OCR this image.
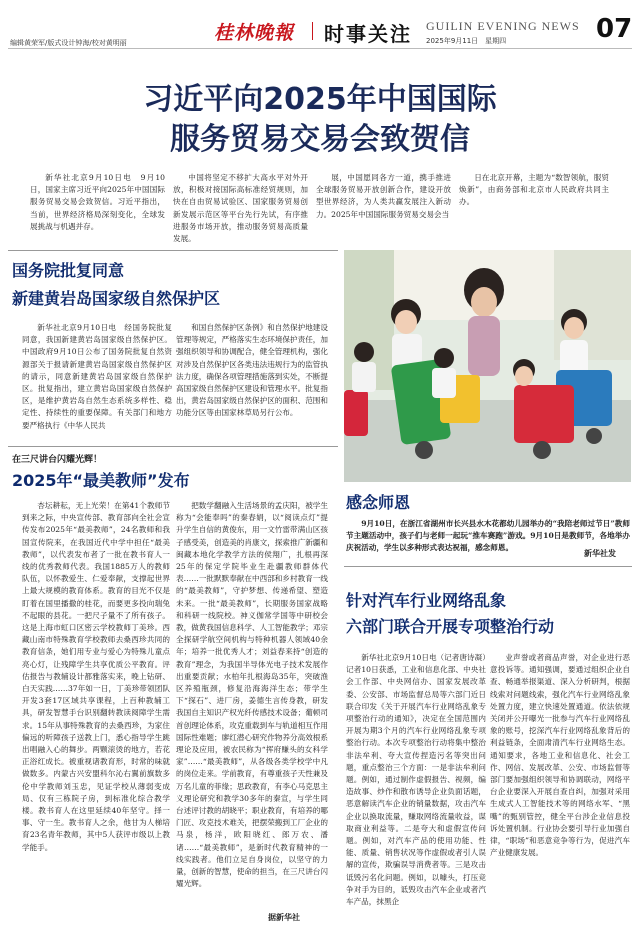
编辑黄荣军/版式设计钟海/校对黄明丽	桂林晚報 时事关注 GUILIN EVENING NEWS
2025年9月11日　星期四	07
习近平向2025年中国国际
服务贸易交易会致贺信

新华社北京9月10日电　9月10日，国家主席习近平向2025年中国国际服务贸易交易会致贺信。习近平指出，当前，世界经济格局深刻变化，全球发展挑战与机遇并存。

中国将坚定不移扩大高水平对外开放，积极对接国际高标准经贸规则，加快在自由贸易试验区、国家服务贸易创新发展示范区等平台先行先试，有序推进服务市场开放，推动服务贸易高质量发展。

展，中国愿同各方一道，携手推进全球服务贸易开放创新合作，建设开放型世界经济，为人类共赢发展注入新动力。2025年中国国际服务贸易交易会当

日在北京开幕，主题为“数智领航，服贸焕新”，由商务部和北京市人民政府共同主办。

国务院批复同意
新建黄岩岛国家级自然保护区

新华社北京9月10日电　经国务院批复同意，我国新建黄岩岛国家级自然保护区。中国政府9月10日公布了国务院批复自然资源部关于报请新建黄岩岛国家级自然保护区的请示，同意新建黄岩岛国家级自然保护区。批复指出，建立黄岩岛国家级自然保护区，是维护黄岩岛自然生态系统多样性、稳定性、持续性的重要保障。有关部门和地方要严格执行《中华人民共

和国自然保护区条例》和自然保护地建设管理等规定，严格落实生态环境保护责任，加强组织领导和协调配合，健全管理机构，强化对涉及自然保护区各类违法违规行为的监管执法力度，确保各项管理措施落到实处，不断提高国家级自然保护区建设和管理水平。批复指出，黄岩岛国家级自然保护区的面积、范围和功能分区等由国家林草局另行公布。

在三尺讲台闪耀光辉！
2025年“最美教师”发布

杏坛耕耘，无上光荣！在第41个教师节到来之际，中央宣传部、教育部向全社会宣传发布2025年“最美教师”，24名教师和我国宣传院来，在我国近代中学中担任“最美教师”，以代表发布者了一批在教书育人一线的优秀教师代表。我国1885万人的教师队伍，以怀教爱生、仁爱奉献，支撑起世界上最大规模的教育体系。教育的目光不仅是盯着在国里播撒的桂花，而要更多投向瑞兔不起眼的县花。一把尺子量不了所有孩子。这是上海市虹口区密云学校教师丁美珍。西藏山南市特殊教育学校教师去桑西珍共同的教育信条，她们用专业与爱心为特殊儿童点亮心灯，让残障学生共享优质公平教育。评估报告与教辅设计都雅落实来，晚上钻研、白天实践……37年如一日，丁美珍带领团队开发3套17区域共享课程，上百种教辅工具，研发智慧手台识别翻转教读阅障学生需求。15年从事特殊教育的去桑西珍，为家住偏远的听障孩子送教上门，悉心指导学生跳出唱融入心的舞步。两颗滚烫的地方，若花正浴红成长。被重视诸教育形，时常的味就做数多。内蒙古兴安盟科尔沁右翼前旗数多伦中学教师刘玉忠，见证学校从薄弱变成局、仅有三栋院子房，到标准化综合教学楼。教书育人在这里延续40年坚守。择一事、守一生。教书育人之余，他甘为人梯培育23名青年教师，其中5人获评市级以上教学能手。

把数学翻融入生活场景的孟庆阳，被学生称为“会能奉吗”的秦春娟，以“阅读点灯”提升学生自信的黄俊东，用一文竹雷带满山区孩子感受美，创造美的肖康文，探索推广新疆和闽藏本地化学教学方法的侯翔广，扎根再深25年的保定学院毕业生赴疆教师群体代表……一批默默奉献在中西部和乡村教育一线的“最美教师”，守护梦想、传递希望、塑造未来。一批“最美教师”，长期服务国家战略和科研一线院校。神义伽常学国等中研校会教，做黄我国信息科学、人工智能教学；邓宗全探研学航空间机构与特种机器人领域40余年；培养一批优秀人才；刘益春来持“创造的教育”理念，为我国半导体光电子技术发展作出重要贡献；水柏年扎根海岛35年，突破渔区养殖瓶颈，修复沿海海洋生态；带学生下“探石”、进厂房，姜德生言传身教，研发我国自主知识产权光纤传感技术设备；葡顿司首创理论体系，攻克重载到车与轨道相互作用国际性难题；廖红潜心研究作物养分高效根系理论及应用，被农民称为“挥府赚头的女科学家”……“最美教师”，从各级各类学校学中凡的岗位走来。学前教育，有尊重孩子天性兼及万名儿童的菲缘；思政教育，有李心马克思主义理论研究和教学30多年的秦宣，与学生同台述评讨教的胡晓平；职业教育，有培养的哪门匠、攻克技术难关，把摆荣搬到工厂企业的马泉，杨洋，欧阳晓红、郎万农、潘诸……“最美教师”，是新时代教育精神的一线实践者。他们立足自身岗位，以坚守的力量，创新的智慧，使命的担当，在三尺讲台闪耀光辉。

感念师恩

9月10日，在浙江省湖州市长兴县水木花都幼儿园举办的“我陪老师过节日”教师节主题活动中，孩子们与老师一起玩“推车赛跑”游戏。9月10日是教师节，各地举办庆祝活动，学生以多种形式表达祝福，感念师恩。

新华社发
针对汽车行业网络乱象
六部门联合开展专项整治行动

新华社北京9月10日电（记者唐诗凝）记者10日获悉，工业和信息化部、中央社会工作部、中央网信办、国家发展改革委、公安部、市场监督总局等六部门近日联合印发《关于开展汽车行业网络乱象专项整治行动的通知》，决定在全国范围内开展为期3个月的汽车行业网络乱象专项整治行动。本次专项整治行动将集中整治非法牟利、夸大宣传捏造污名等突出问题，重点整治三个方面：一是非法牟利问题。例如，通过制作虚假报告、视频，编造故事、炒作和散布诱导企业负面话题，恶意解读汽车企业的销量数据，攻击汽车企业以换取流量，赚取网络流量收益，谋取商业利益等。二是夸大和虚假宣传问题。例如，对汽车产品的使用功能、性能、质量、销售状况等作虚假或者引人误解的宣传，欺骗误导消费者等。三是攻击诋毁污名化问题。例如，以噱头，打压竞争对手为目的，诋毁攻击汽车企业或者汽车产品，抹黑企

业声誉或者商品声誉，对企业进行恶意投诉等。通知强调，要通过组织企业自查、畅通举报渠道、深入分析研判，根据线索对问题线索，强化汽车行业网络乱象处置力度，建立快速处置通道。依法依规关闭并公开曝光一批参与汽车行业网络乱象的账号，挖深汽车行业网络乱象背后的利益链条，全面肃清汽车行业网络生态。通知要求，各地工业和信息化、社会工作、网信、发展改革、公安、市场监督等部门要加强组织领导和协调联动，网络平台企业要深入开展自查自纠，加强对采用生成式人工智能技术等的网络水军、“黑嘴”的甄别管控，健全平台涉企业信息投诉处置机制。行业协会要引导行业加强自律，“职场”和恶意竞争等行为，促进汽车产业健康发展。

据新华社
